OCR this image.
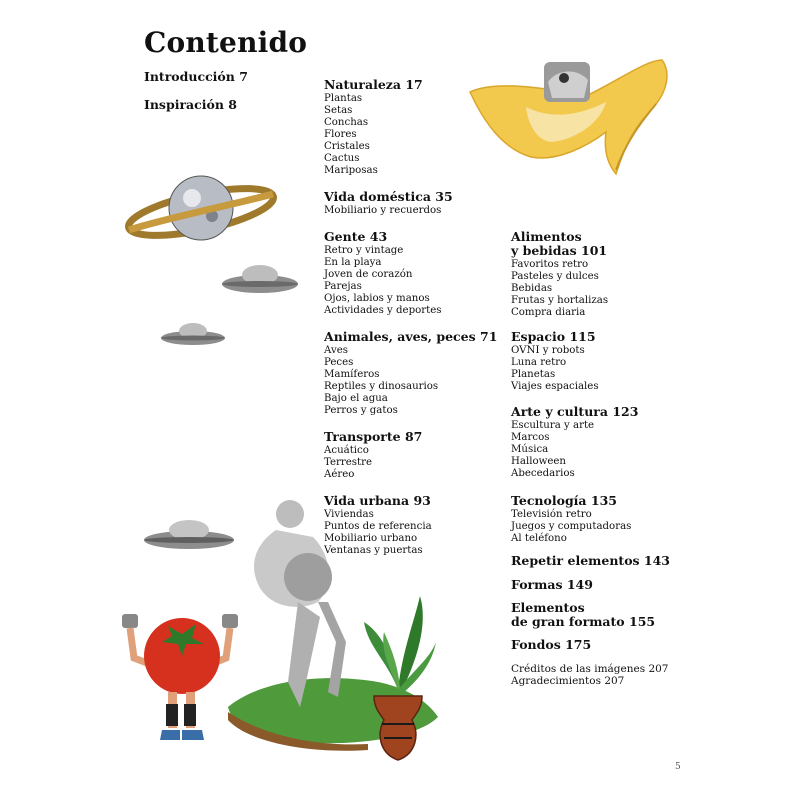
Contenido
Introducción 7
Inspiración 8
Naturaleza 17
Plantas
Setas
Conchas
Flores
Cristales
Cactus
Mariposas
Vida doméstica 35
Mobiliario y recuerdos
Gente 43
Retro y vintage
En la playa
Joven de corazón
Parejas
Ojos, labios y manos
Actividades y deportes
Animales, aves, peces 71
Aves
Peces
Mamíferos
Reptiles y dinosaurios
Bajo el agua
Perros y gatos
Transporte 87
Acuático
Terrestre
Aéreo
Vida urbana 93
Viviendas
Puntos de referencia
Mobiliario urbano
Ventanas y puertas
Alimentos
y bebidas 101
Favoritos retro
Pasteles y dulces
Bebidas
Frutas y hortalizas
Compra diaria
Espacio 115
OVNI y robots
Luna retro
Planetas
Viajes espaciales
Arte y cultura 123
Escultura y arte
Marcos
Música
Halloween
Abecedarios
Tecnología 135
Televisión retro
Juegos y computadoras
Al teléfono
Repetir elementos 143
Formas 149
Elementos
de gran formato 155
Fondos 175
Créditos de las imágenes 207
Agradecimientos 207
5
